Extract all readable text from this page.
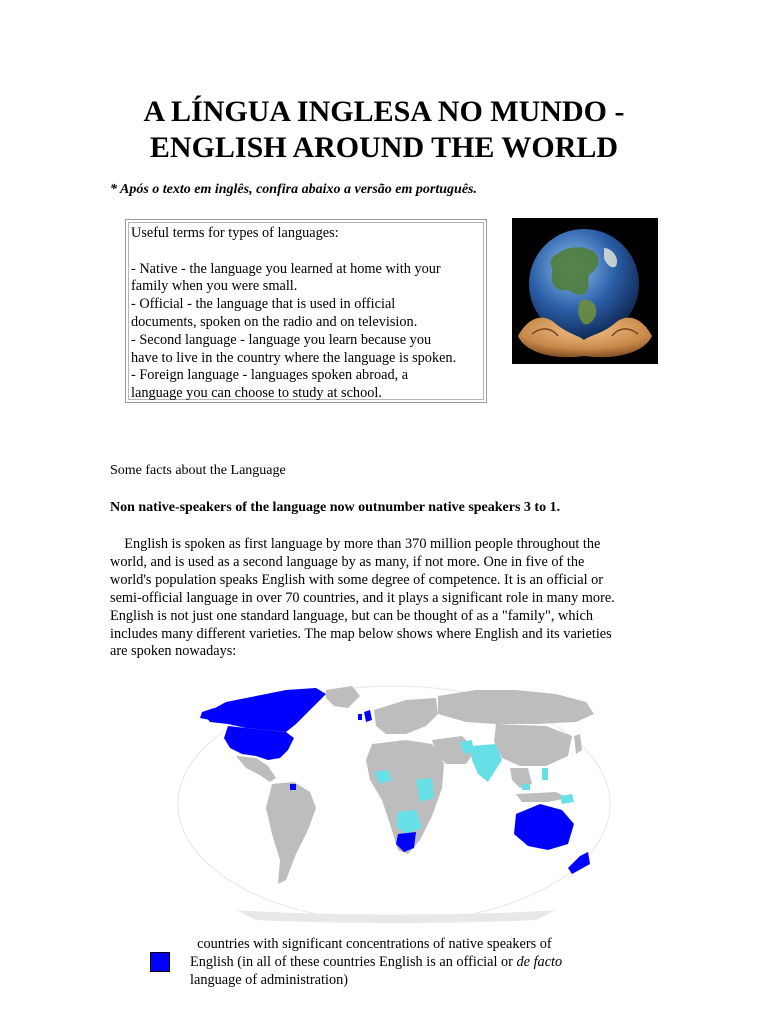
A LÍNGUA INGLESA NO MUNDO -
ENGLISH AROUND THE WORLD
* Após o texto em inglês, confira abaixo a versão em português.
Useful terms for types of languages:
- Native - the language you learned at home with your
family when you were small.
- Official - the language that is used in official
documents, spoken on the radio and on television.
- Second language - language you learn because you
have to live in the country where the language is spoken.
- Foreign language - languages spoken abroad, a
language you can choose to study at school.
Some facts about the Language
Non native-speakers of the language now outnumber native speakers 3 to 1.
English is spoken as first language by more than 370 million people throughout the
world, and is used as a second language by as many, if not more. One in five of the
world's population speaks English with some degree of competence. It is an official or
semi-official language in over 70 countries, and it plays a significant role in many more.
English is not just one standard language, but can be thought of as a "family", which
includes many different varieties. The map below shows where English and its varieties
are spoken nowadays:
countries with significant concentrations of native speakers of
English (in all of these countries English is an official or de facto
language of administration)
